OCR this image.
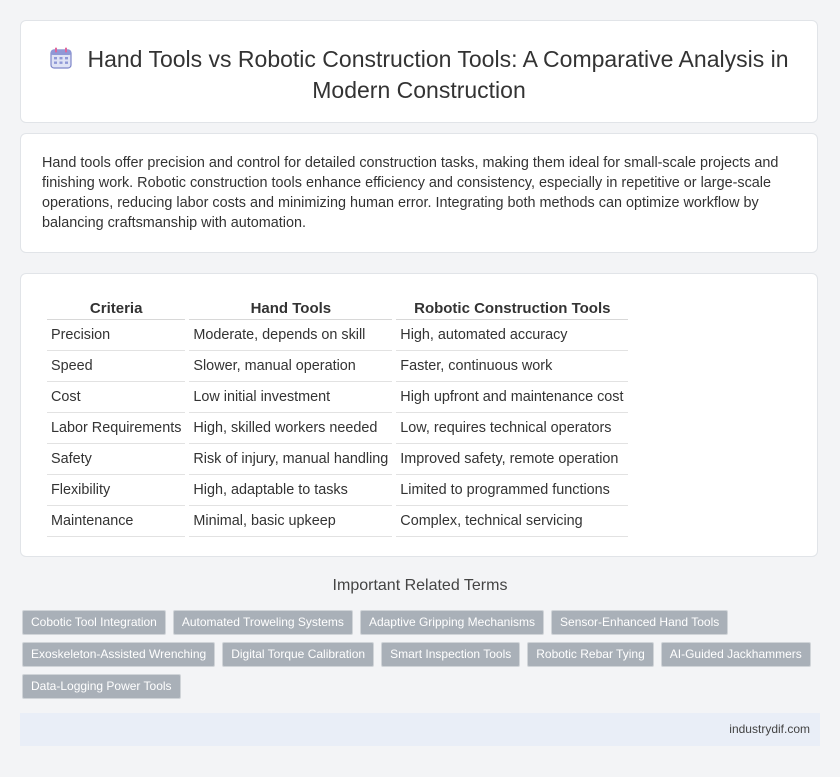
Hand Tools vs Robotic Construction Tools: A Comparative Analysis in Modern Construction
Hand tools offer precision and control for detailed construction tasks, making them ideal for small-scale projects and finishing work. Robotic construction tools enhance efficiency and consistency, especially in repetitive or large-scale operations, reducing labor costs and minimizing human error. Integrating both methods can optimize workflow by balancing craftsmanship with automation.
Criteria	Hand Tools	Robotic Construction Tools
Precision	Moderate, depends on skill	High, automated accuracy
Speed	Slower, manual operation	Faster, continuous work
Cost	Low initial investment	High upfront and maintenance cost
Labor Requirements	High, skilled workers needed	Low, requires technical operators
Safety	Risk of injury, manual handling	Improved safety, remote operation
Flexibility	High, adaptable to tasks	Limited to programmed functions
Maintenance	Minimal, basic upkeep	Complex, technical servicing
Important Related Terms
Cobotic Tool Integration	Automated Troweling Systems	Adaptive Gripping Mechanisms	Sensor-Enhanced Hand Tools
Exoskeleton-Assisted Wrenching	Digital Torque Calibration	Smart Inspection Tools	Robotic Rebar Tying	AI-Guided Jackhammers
Data-Logging Power Tools
industrydif.com
